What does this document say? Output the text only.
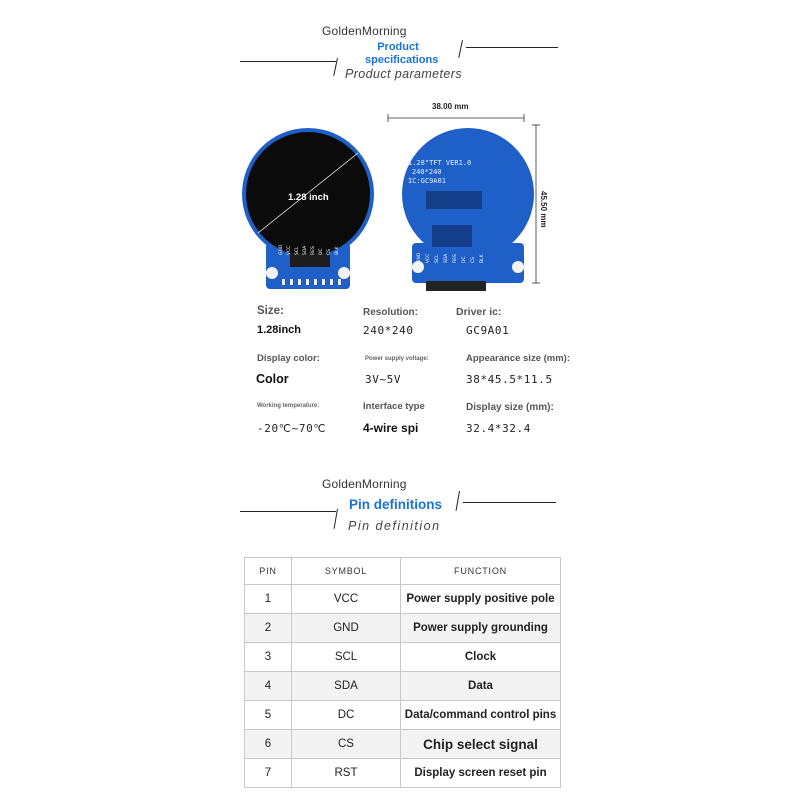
GoldenMorning
Product
specifications
Product parameters
1.28 inch
1.28"TFT VER1.0
240*240
IC:GC9A01
38.00 mm
45.50 mm
GND VCC SCL SDA RES DC CS BLK
GND VCC SCL SDA RES DC CS BLK
Size:
1.28inch
Resolution:
240*240
Driver ic:
GC9A01
Display color:
Color
Power supply voltage:
3V~5V
Appearance size (mm):
38*45.5*11.5
Working temperature:
-20℃~70℃
Interface type
4-wire spi
Display size (mm):
32.4*32.4
GoldenMorning
Pin definitions
Pin definition
PIN	SYMBOL	FUNCTION
1	VCC	Power supply positive pole
2	GND	Power supply grounding
3	SCL	Clock
4	SDA	Data
5	DC	Data/command control pins
6	CS	Chip select signal
7	RST	Display screen reset pin
